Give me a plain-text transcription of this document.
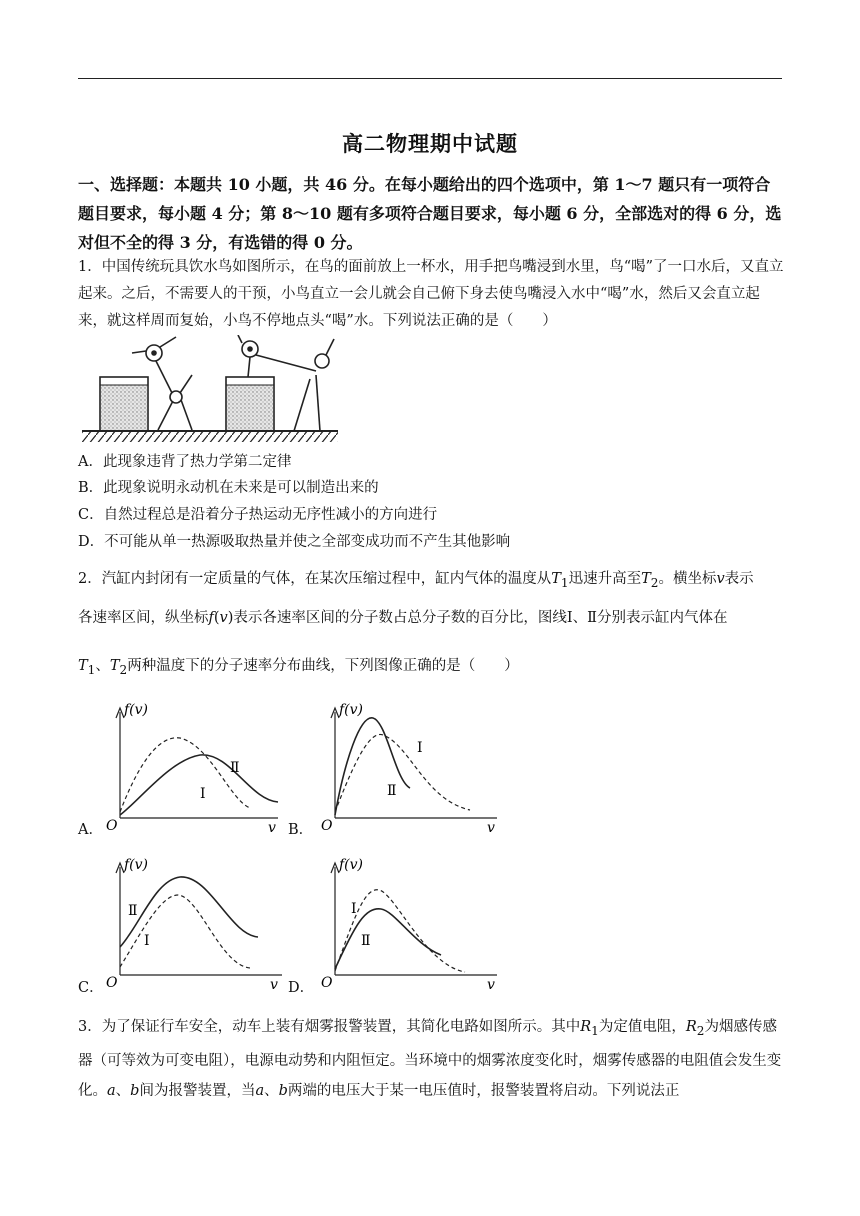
高二物理期中试题
一、选择题：本题共 10 小题，共 46 分。在每小题给出的四个选项中，第 1～7 题只有一项符合题目要求，每小题 4 分；第 8～10 题有多项符合题目要求，每小题 6 分，全部选对的得 6 分，选对但不全的得 3 分，有选错的得 0 分。
1．中国传统玩具饮水鸟如图所示，在鸟的面前放上一杯水，用手把鸟嘴浸到水里，鸟“喝”了一口水后，又直立起来。之后，不需要人的干预，小鸟直立一会儿就会自己俯下身去使鸟嘴浸入水中“喝”水，然后又会直立起来，就这样周而复始，小鸟不停地点头“喝”水。下列说法正确的是（　　）
A．此现象违背了热力学第二定律
B．此现象说明永动机在未来是可以制造出来的
C．自然过程总是沿着分子热运动无序性减小的方向进行
D．不可能从单一热源吸取热量并使之全部变成功而不产生其他影响
2．汽缸内封闭有一定质量的气体，在某次压缩过程中，缸内气体的温度从$T_1$迅速升高至$T_2$。横坐标v表示
各速率区间，纵坐标f(v)表示各速率区间的分子数占总分子数的百分比，图线Ⅰ、Ⅱ分别表示缸内气体在
$T_1$、$T_2$两种温度下的分子速率分布曲线，下列图像正确的是（　　）
A．
f(v)
O	v
Ⅰ
Ⅱ
B．
f(v)
O	v
Ⅰ
Ⅱ
C．
f(v)
O	v
Ⅰ
Ⅱ
D．
f(v)
O	v
Ⅰ
Ⅱ
3．为了保证行车安全，动车上装有烟雾报警装置，其简化电路如图所示。其中$R_1$为定值电阻，$R_2$为烟感传感器（可等效为可变电阻），电源电动势和内阻恒定。当环境中的烟雾浓度变化时，烟雾传感器的电阻值会发生变化。a、b间为报警装置，当a、b两端的电压大于某一电压值时，报警装置将启动。下列说法正
